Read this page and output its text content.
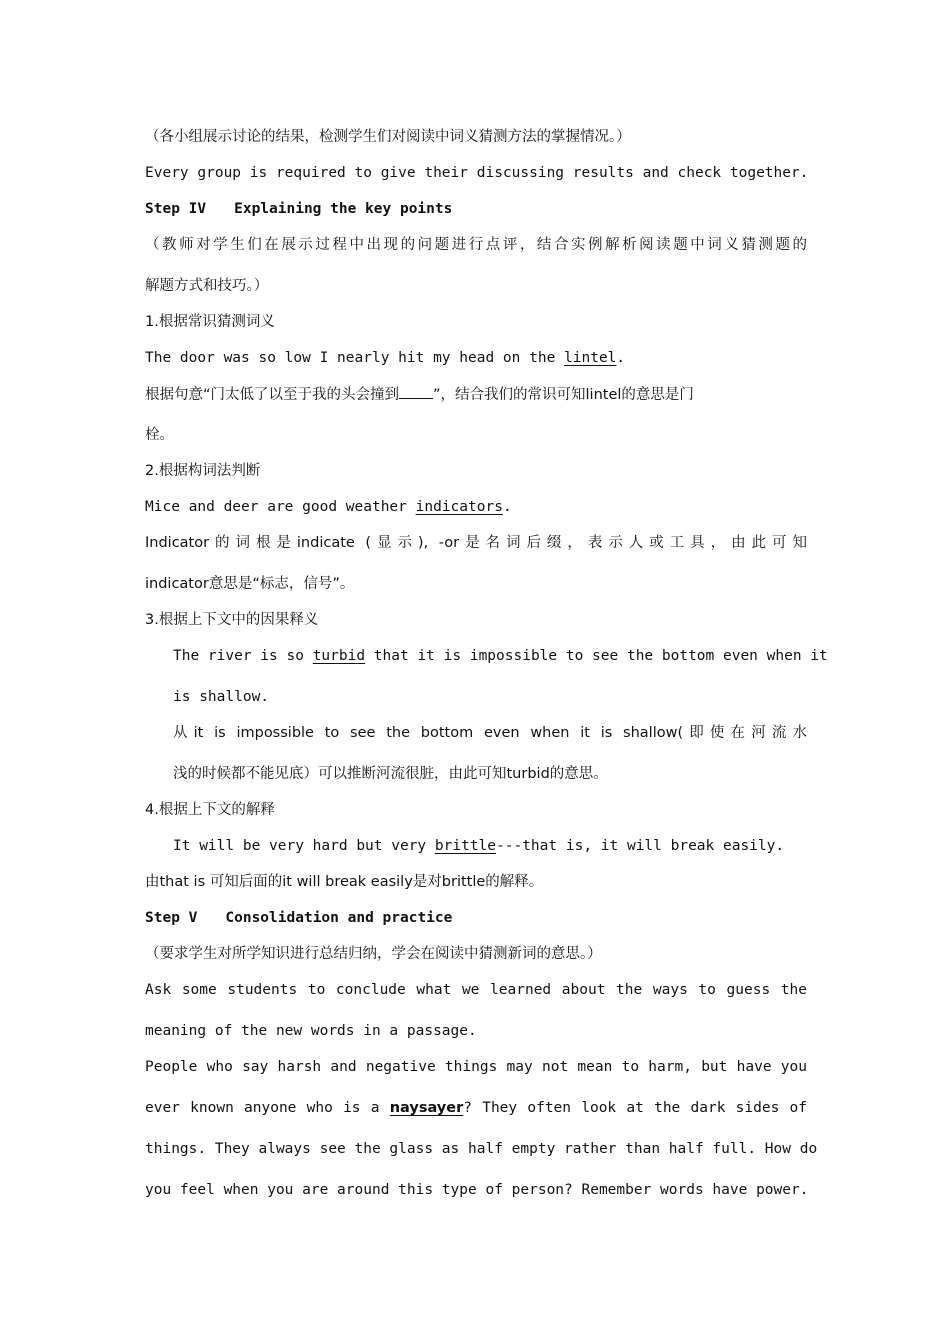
（各小组展示讨论的结果，检测学生们对阅读中词义猜测方法的掌握情况。）
Every group is required to give their discussing results and check together.
Step IV Explaining the key points
（教师对学生们在展示过程中出现的问题进行点评，结合实例解析阅读题中词义猜测题的
解题方式和技巧。）
1.根据常识猜测词义
The door was so low I nearly hit my head on the lintel.
根据句意“门太低了以至于我的头会撞到 ”，结合我们的常识可知lintel的意思是门
栓。
2.根据构词法判断
Mice and deer are good weather indicators.
Indicator的词根是indicate (显示), -or是名词后缀，表示人或工具，由此可知
indicator意思是“标志，信号”。
3.根据上下文中的因果释义
The river is so turbid that it is impossible to see the bottom even when it
is shallow.
从it is impossible to see the bottom even when it is shallow(即使在河流水
浅的时候都不能见底）可以推断河流很脏，由此可知turbid的意思。
4.根据上下文的解释
It will be very hard but very brittle---that is, it will break easily.
由that is 可知后面的it will break easily是对brittle的解释。
Step V Consolidation and practice
（要求学生对所学知识进行总结归纳，学会在阅读中猜测新词的意思。）
Ask some students to conclude what we learned about the ways to guess the
meaning of the new words in a passage.
People who say harsh and negative things may not mean to harm, but have you
ever known anyone who is a naysayer? They often look at the dark sides of
things. They always see the glass as half empty rather than half full. How do
you feel when you are around this type of person? Remember words have power.
